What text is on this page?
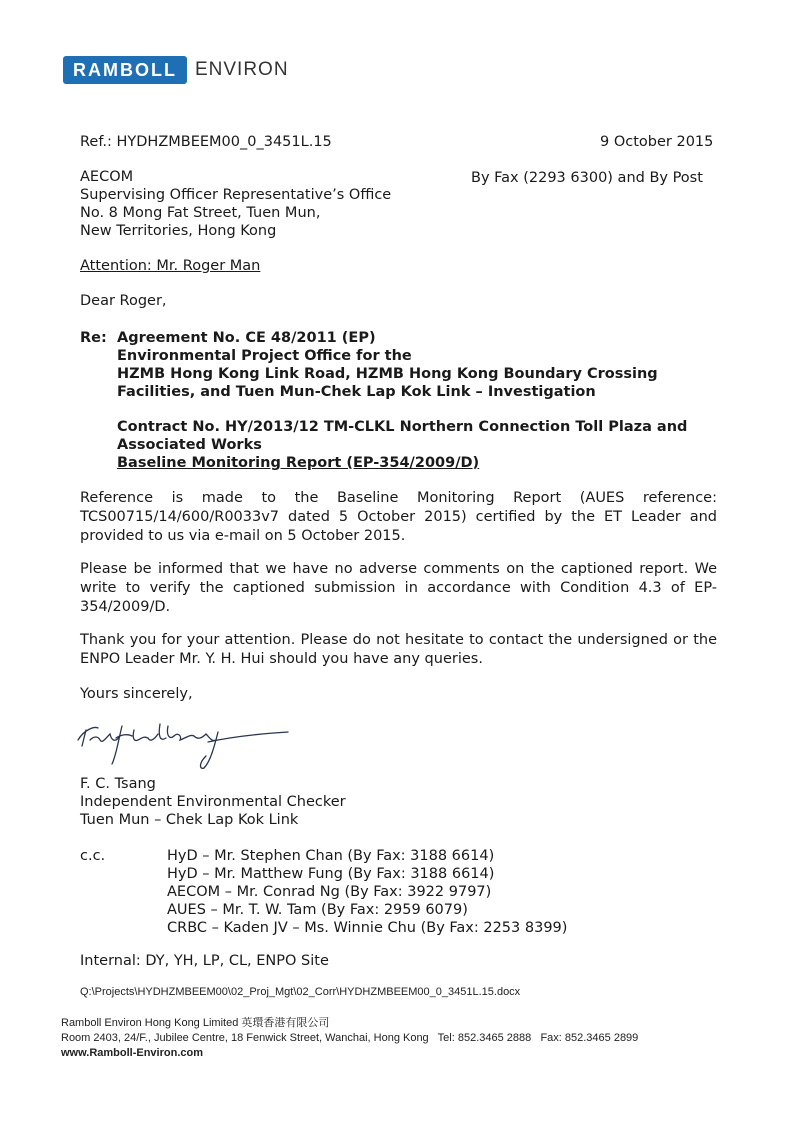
RAMBOLL ENVIRON
Ref.: HYDHZMBEEM00_0_3451L.15	9 October 2015
AECOM
Supervising Officer Representative’s Office
No. 8 Mong Fat Street, Tuen Mun,
New Territories, Hong Kong
By Fax (2293 6300) and By Post
Attention: Mr. Roger Man
Dear Roger,
Re: Agreement No. CE 48/2011 (EP)
Environmental Project Office for the
HZMB Hong Kong Link Road, HZMB Hong Kong Boundary Crossing
Facilities, and Tuen Mun-Chek Lap Kok Link – Investigation
Contract No. HY/2013/12 TM-CLKL Northern Connection Toll Plaza and
Associated Works
Baseline Monitoring Report (EP-354/2009/D)
Reference is made to the Baseline Monitoring Report (AUES reference: TCS00715/14/600/R0033v7 dated 5 October 2015) certified by the ET Leader and provided to us via e-mail on 5 October 2015.
Please be informed that we have no adverse comments on the captioned report. We write to verify the captioned submission in accordance with Condition 4.3 of EP-354/2009/D.
Thank you for your attention. Please do not hesitate to contact the undersigned or the ENPO Leader Mr. Y. H. Hui should you have any queries.
Yours sincerely,
F. C. Tsang
Independent Environmental Checker
Tuen Mun – Chek Lap Kok Link
c.c.	HyD – Mr. Stephen Chan (By Fax: 3188 6614)
HyD – Mr. Matthew Fung (By Fax: 3188 6614)
AECOM – Mr. Conrad Ng (By Fax: 3922 9797)
AUES – Mr. T. W. Tam (By Fax: 2959 6079)
CRBC – Kaden JV – Ms. Winnie Chu (By Fax: 2253 8399)
Internal: DY, YH, LP, CL, ENPO Site
Q:\Projects\HYDHZMBEEM00\02_Proj_Mgt\02_Corr\HYDHZMBEEM00_0_3451L.15.docx
Ramboll Environ Hong Kong Limited 英環香港有限公司
Room 2403, 24/F., Jubilee Centre, 18 Fenwick Street, Wanchai, Hong Kong Tel: 852.3465 2888 Fax: 852.3465 2899
www.Ramboll-Environ.com
